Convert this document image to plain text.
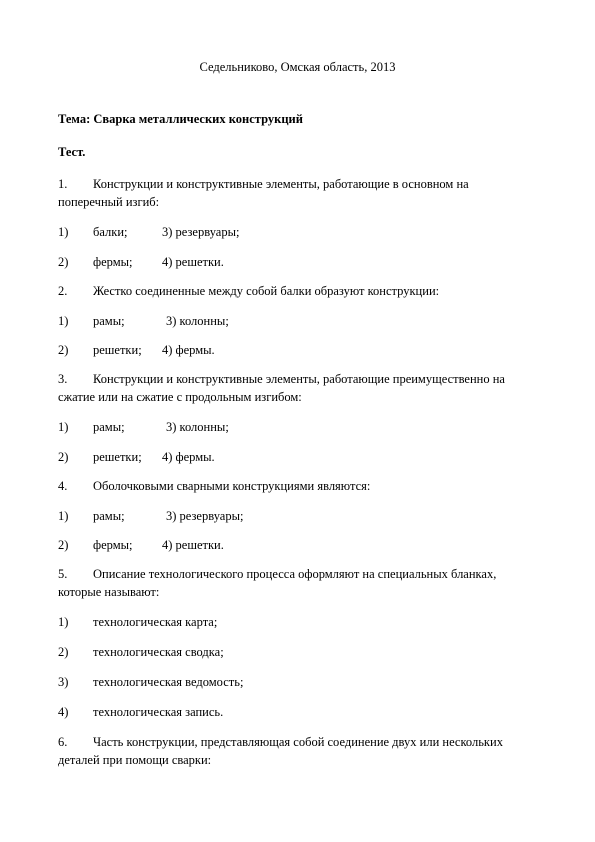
Седельниково, Омская область, 2013
Тема: Сварка металлических конструкций
Тест.
1. Конструкции и конструктивные элементы, работающие в основном на
поперечный изгиб:
1) балки;	3) резервуары;
2) фермы; 4) решетки.
2. Жестко соединенные между собой балки образуют конструкции:
1) рамы;	3) колонны;
2) решетки; 4) фермы.
3. Конструкции и конструктивные элементы, работающие преимущественно на
сжатие или на сжатие с продольным изгибом:
1) рамы;	3) колонны;
2) решетки; 4) фермы.
4. Оболочковыми сварными конструкциями являются:
1) рамы;	3) резервуары;
2) фермы; 4) решетки.
5. Описание технологического процесса оформляют на специальных бланках,
которые называют:
1) технологическая карта;
2) технологическая сводка;
3) технологическая ведомость;
4) технологическая запись.
6. Часть конструкции, представляющая собой соединение двух или нескольких
деталей при помощи сварки:
